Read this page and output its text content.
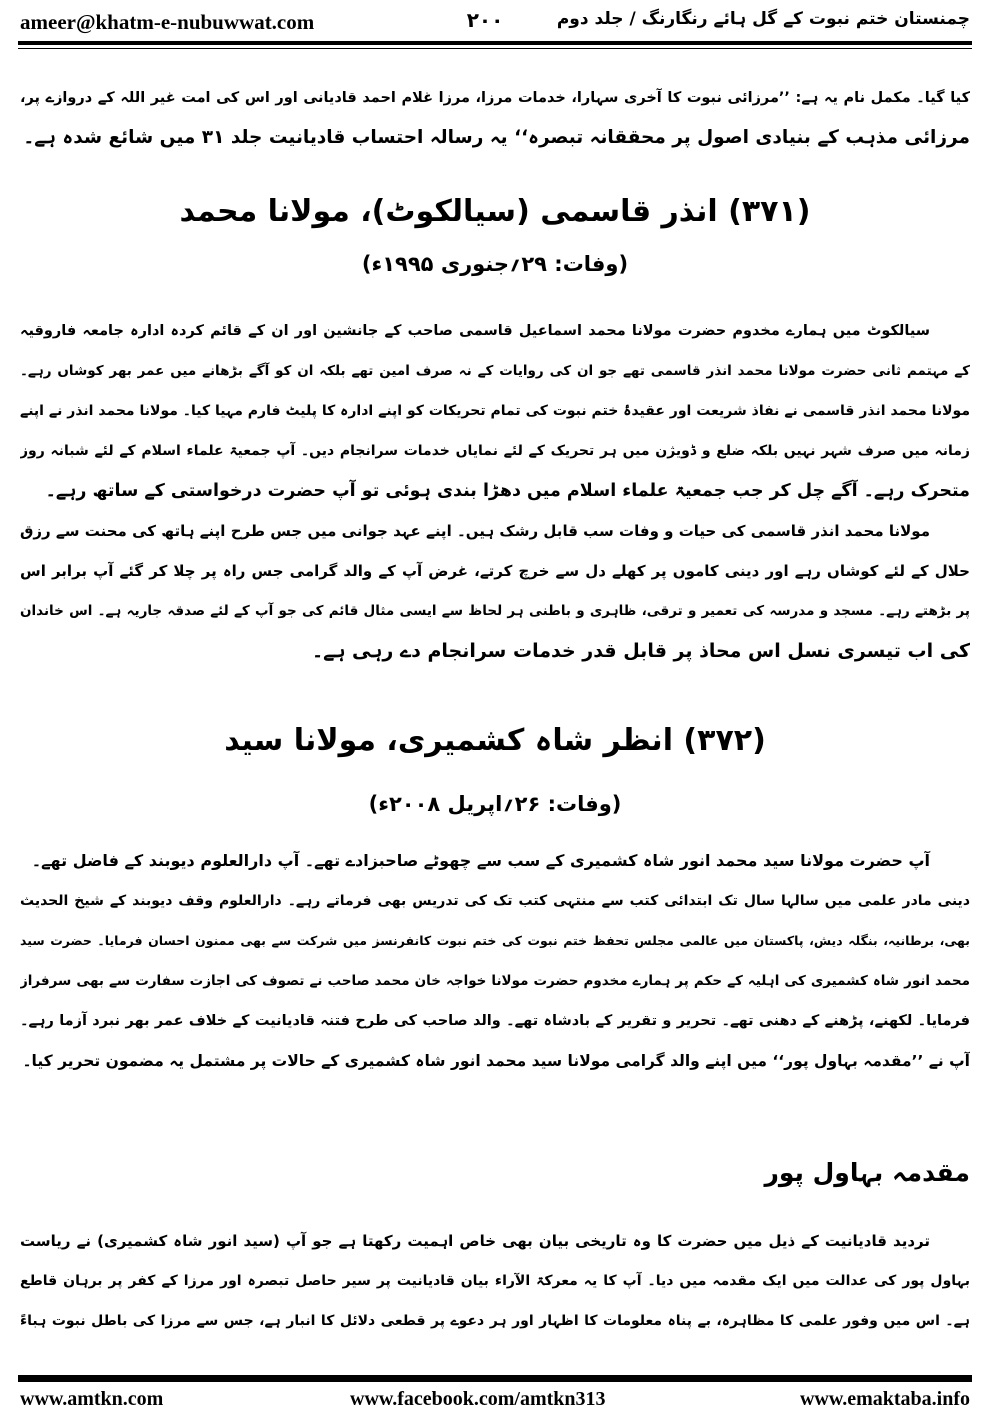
ameer@khatm-e-nubuwwat.com	۲۰۰	چمنستان ختم نبوت کے گل ہائے رنگارنگ / جلد دوم
کیا گیا۔ مکمل نام یہ ہے: ’’مرزائی نبوت کا آخری سہارا، خدمات مرزا، مرزا غلام احمد قادیانی اور اس کی امت غیر اللہ کے دروازے پر،
مرزائی مذہب کے بنیادی اصول پر محققانہ تبصرہ‘‘ یہ رسالہ احتساب قادیانیت جلد ۳۱ میں شائع شدہ ہے۔
(۳۷۱) انذر قاسمی (سیالکوٹ)، مولانا محمد
(وفات: ۲۹؍جنوری ۱۹۹۵ء)
سیالکوٹ میں ہمارے مخدوم حضرت مولانا محمد اسماعیل قاسمی صاحب کے جانشین اور ان کے قائم کردہ ادارہ جامعہ فاروقیہ
کے مہتمم ثانی حضرت مولانا محمد انذر قاسمی تھے جو ان کی روایات کے نہ صرف امین تھے بلکہ ان کو آگے بڑھانے میں عمر بھر کوشاں رہے۔
مولانا محمد انذر قاسمی نے نفاذ شریعت اور عقیدۂ ختم نبوت کی تمام تحریکات کو اپنے ادارہ کا پلیٹ فارم مہیا کیا۔ مولانا محمد انذر نے اپنے
زمانہ میں صرف شہر نہیں بلکہ ضلع و ڈویژن میں ہر تحریک کے لئے نمایاں خدمات سرانجام دیں۔ آپ جمعیۃ علماء اسلام کے لئے شبانہ روز
متحرک رہے۔ آگے چل کر جب جمعیۃ علماء اسلام میں دھڑا بندی ہوئی تو آپ حضرت درخواستی کے ساتھ رہے۔
مولانا محمد انذر قاسمی کی حیات و وفات سب قابل رشک ہیں۔ اپنے عہد جوانی میں جس طرح اپنے ہاتھ کی محنت سے رزق
حلال کے لئے کوشاں رہے اور دینی کاموں پر کھلے دل سے خرچ کرتے، غرض آپ کے والد گرامی جس راہ پر چلا کر گئے آپ برابر اس
پر بڑھتے رہے۔ مسجد و مدرسہ کی تعمیر و ترقی، ظاہری و باطنی ہر لحاظ سے ایسی مثال قائم کی جو آپ کے لئے صدقہ جاریہ ہے۔ اس خاندان
کی اب تیسری نسل اس محاذ پر قابل قدر خدمات سرانجام دے رہی ہے۔
(۳۷۲) انظر شاہ کشمیری، مولانا سید
(وفات: ۲۶؍اپریل ۲۰۰۸ء)
آپ حضرت مولانا سید محمد انور شاہ کشمیری کے سب سے چھوٹے صاحبزادے تھے۔ آپ دارالعلوم دیوبند کے فاضل تھے۔
دینی مادر علمی میں سالہا سال تک ابتدائی کتب سے منتہی کتب تک کی تدریس بھی فرماتے رہے۔ دارالعلوم وقف دیوبند کے شیخ الحدیث
بھی، برطانیہ، بنگلہ دیش، پاکستان میں عالمی مجلس تحفظ ختم نبوت کی ختم نبوت کانفرنسز میں شرکت سے بھی ممنون احسان فرمایا۔ حضرت سید
محمد انور شاہ کشمیری کی اہلیہ کے حکم پر ہمارے مخدوم حضرت مولانا خواجہ خان محمد صاحب نے تصوف کی اجازت سفارت سے بھی سرفراز
فرمایا۔ لکھنے، پڑھنے کے دھنی تھے۔ تحریر و تقریر کے بادشاہ تھے۔ والد صاحب کی طرح فتنہ قادیانیت کے خلاف عمر بھر نبرد آزما رہے۔
آپ نے ’’مقدمہ بہاول پور‘‘ میں اپنے والد گرامی مولانا سید محمد انور شاہ کشمیری کے حالات پر مشتمل یہ مضمون تحریر کیا۔
مقدمہ بہاول پور
تردید قادیانیت کے ذیل میں حضرت کا وہ تاریخی بیان بھی خاص اہمیت رکھتا ہے جو آپ (سید انور شاہ کشمیری) نے ریاست
بہاول پور کی عدالت میں ایک مقدمہ میں دیا۔ آپ کا یہ معرکۃ الآراء بیان قادیانیت پر سیر حاصل تبصرہ اور مرزا کے کفر پر برہان قاطع
ہے۔ اس میں وفور علمی کا مظاہرہ، بے پناہ معلومات کا اظہار اور ہر دعوے پر قطعی دلائل کا انبار ہے، جس سے مرزا کی باطل نبوت ہباءً
www.amtkn.com	www.facebook.com/amtkn313	www.emaktaba.info
